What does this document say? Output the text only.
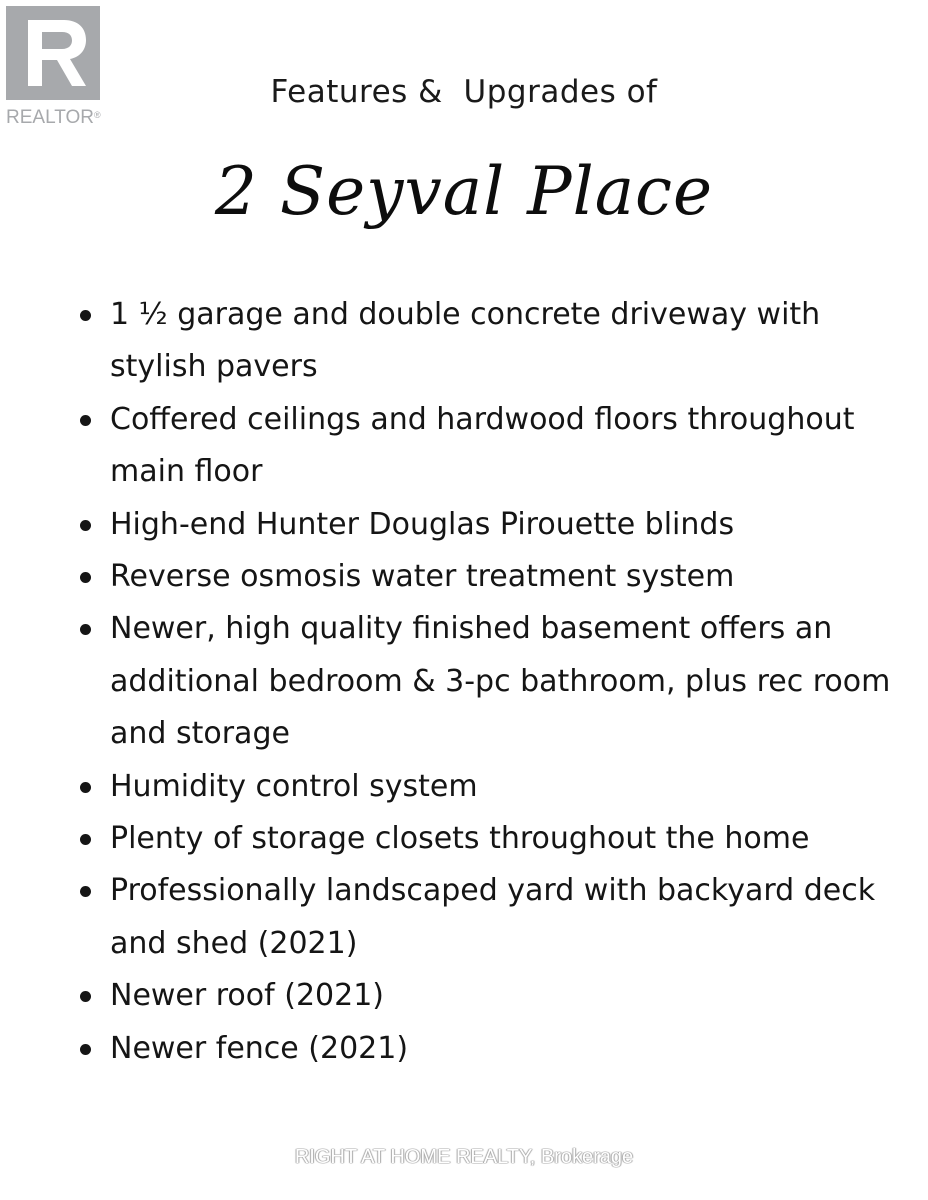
REALTOR®
Features &  Upgrades of
2 Seyval Place
1 ½ garage and double concrete driveway with stylish pavers
Coffered ceilings and hardwood floors throughout main floor
High-end Hunter Douglas Pirouette blinds
Reverse osmosis water treatment system
Newer, high quality finished basement offers an additional bedroom & 3-pc bathroom, plus rec room and storage
Humidity control system
Plenty of storage closets throughout the home
Professionally landscaped yard with backyard deck and shed (2021)
Newer roof (2021)
Newer fence (2021)
RIGHT AT HOME REALTY, Brokerage
